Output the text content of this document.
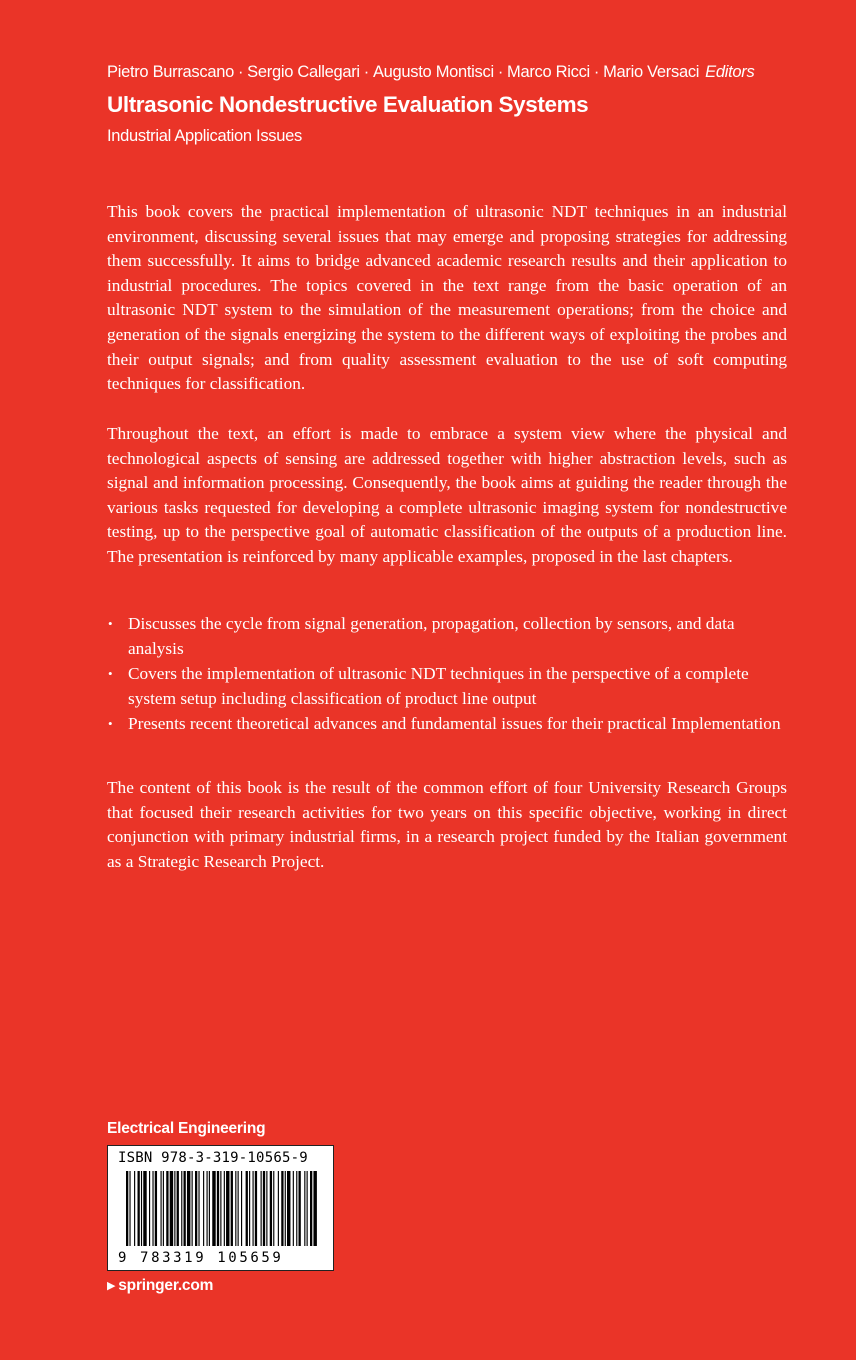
Pietro Burrascano · Sergio Callegari · Augusto Montisci · Marco Ricci · Mario Versaci Editors
Ultrasonic Nondestructive Evaluation Systems
Industrial Application Issues

This book covers the practical implementation of ultrasonic NDT techniques in an industrial environment, discussing several issues that may emerge and proposing strategies for addressing them successfully. It aims to bridge advanced academic research results and their application to industrial procedures. The topics covered in the text range from the basic operation of an ultrasonic NDT system to the simulation of the measurement operations; from the choice and generation of the signals energizing the system to the different ways of exploiting the probes and their output signals; and from quality assessment evaluation to the use of soft computing techniques for classification.

Throughout the text, an effort is made to embrace a system view where the physical and technological aspects of sensing are addressed together with higher abstraction levels, such as signal and information processing. Consequently, the book aims at guiding the reader through the various tasks requested for developing a complete ultrasonic imaging system for nondestructive testing, up to the perspective goal of automatic classification of the outputs of a production line. The presentation is reinforced by many applicable examples, proposed in the last chapters.

• Discusses the cycle from signal generation, propagation, collection by sensors, and data analysis
• Covers the implementation of ultrasonic NDT techniques in the perspective of a complete system setup including classification of product line output
• Presents recent theoretical advances and fundamental issues for their practical Implementation

The content of this book is the result of the common effort of four University Research Groups that focused their research activities for two years on this specific objective, working in direct conjunction with primary industrial firms, in a research project funded by the Italian government as a Strategic Research Project.

Electrical Engineering
9 783319 105659
ISBN 978-3-319-10565-9
▶ springer.com
